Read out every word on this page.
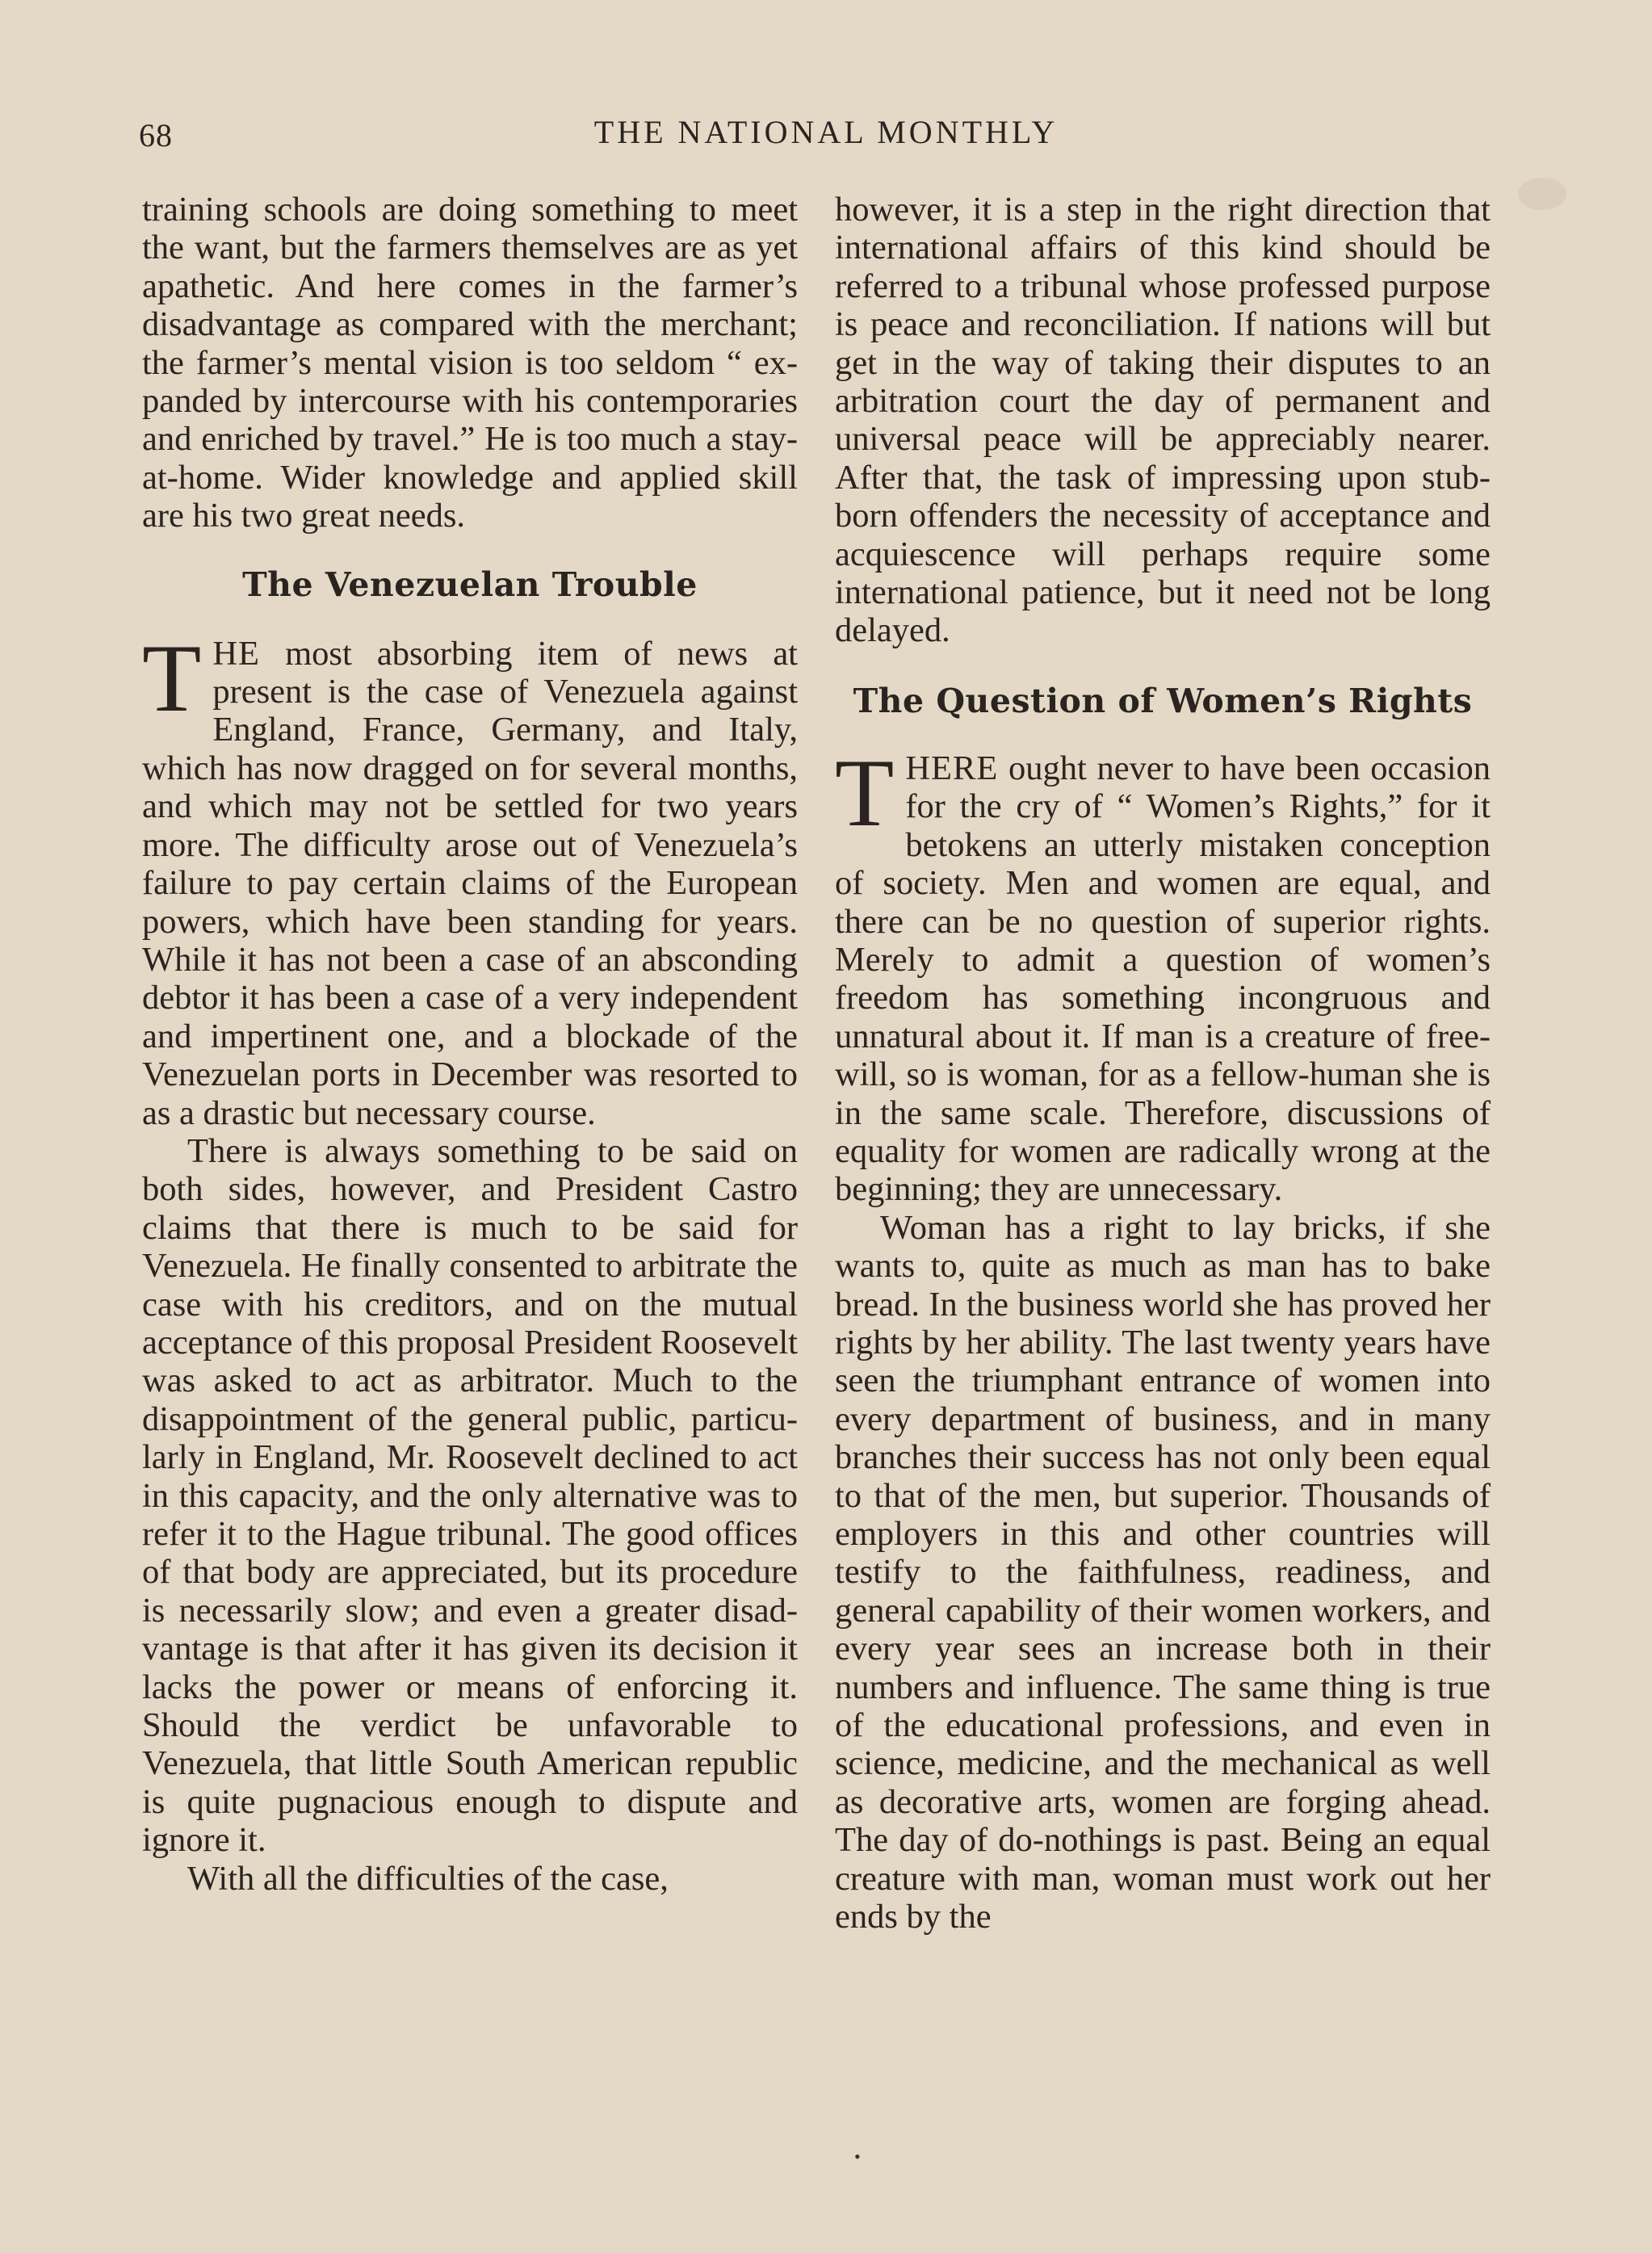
68	THE NATIONAL MONTHLY

training schools are doing something to meet the want, but the farmers themselves are as yet apathetic. And here comes in the farmer’s disadvantage as compared with the merchant; the farmer’s mental vision is too seldom “ expanded by intercourse with his contemporaries and enriched by travel.” He is too much a stay-at-home. Wider knowledge and applied skill are his two great needs.

The Venezuelan Trouble

THE most absorbing item of news at present is the case of Venezuela against England, France, Germany, and Italy, which has now dragged on for several months, and which may not be settled for two years more. The difficulty arose out of Venezuela’s failure to pay certain claims of the European powers, which have been standing for years. While it has not been a case of an absconding debtor it has been a case of a very independent and impertinent one, and a blockade of the Venezuelan ports in December was resorted to as a drastic but necessary course.

There is always something to be said on both sides, however, and President Castro claims that there is much to be said for Venezuela. He finally consented to arbitrate the case with his creditors, and on the mutual acceptance of this proposal President Roosevelt was asked to act as arbitrator. Much to the disappointment of the general public, particularly in England, Mr. Roosevelt declined to act in this capacity, and the only alternative was to refer it to the Hague tribunal. The good offices of that body are appreciated, but its procedure is necessarily slow; and even a greater disadvantage is that after it has given its decision it lacks the power or means of enforcing it. Should the verdict be unfavorable to Venezuela, that little South American republic is quite pugnacious enough to dispute and ignore it.

With all the difficulties of the case,

however, it is a step in the right direction that international affairs of this kind should be referred to a tribunal whose professed purpose is peace and reconciliation. If nations will but get in the way of taking their disputes to an arbitration court the day of permanent and universal peace will be appreciably nearer. After that, the task of impressing upon stubborn offenders the necessity of acceptance and acquiescence will perhaps require some international patience, but it need not be long delayed.

The Question of Women’s Rights

THERE ought never to have been occasion for the cry of “ Women’s Rights,” for it betokens an utterly mistaken conception of society. Men and women are equal, and there can be no question of superior rights. Merely to admit a question of women’s freedom has something incongruous and unnatural about it. If man is a creature of freewill, so is woman, for as a fellow-human she is in the same scale. Therefore, discussions of equality for women are radically wrong at the beginning; they are unnecessary.

Woman has a right to lay bricks, if she wants to, quite as much as man has to bake bread. In the business world she has proved her rights by her ability. The last twenty years have seen the triumphant entrance of women into every department of business, and in many branches their success has not only been equal to that of the men, but superior. Thousands of employers in this and other countries will testify to the faithfulness, readiness, and general capability of their women workers, and every year sees an increase both in their numbers and influence. The same thing is true of the educational professions, and even in science, medicine, and the mechanical as well as decorative arts, women are forging ahead. The day of do-nothings is past. Being an equal creature with man, woman must work out her ends by the

•
